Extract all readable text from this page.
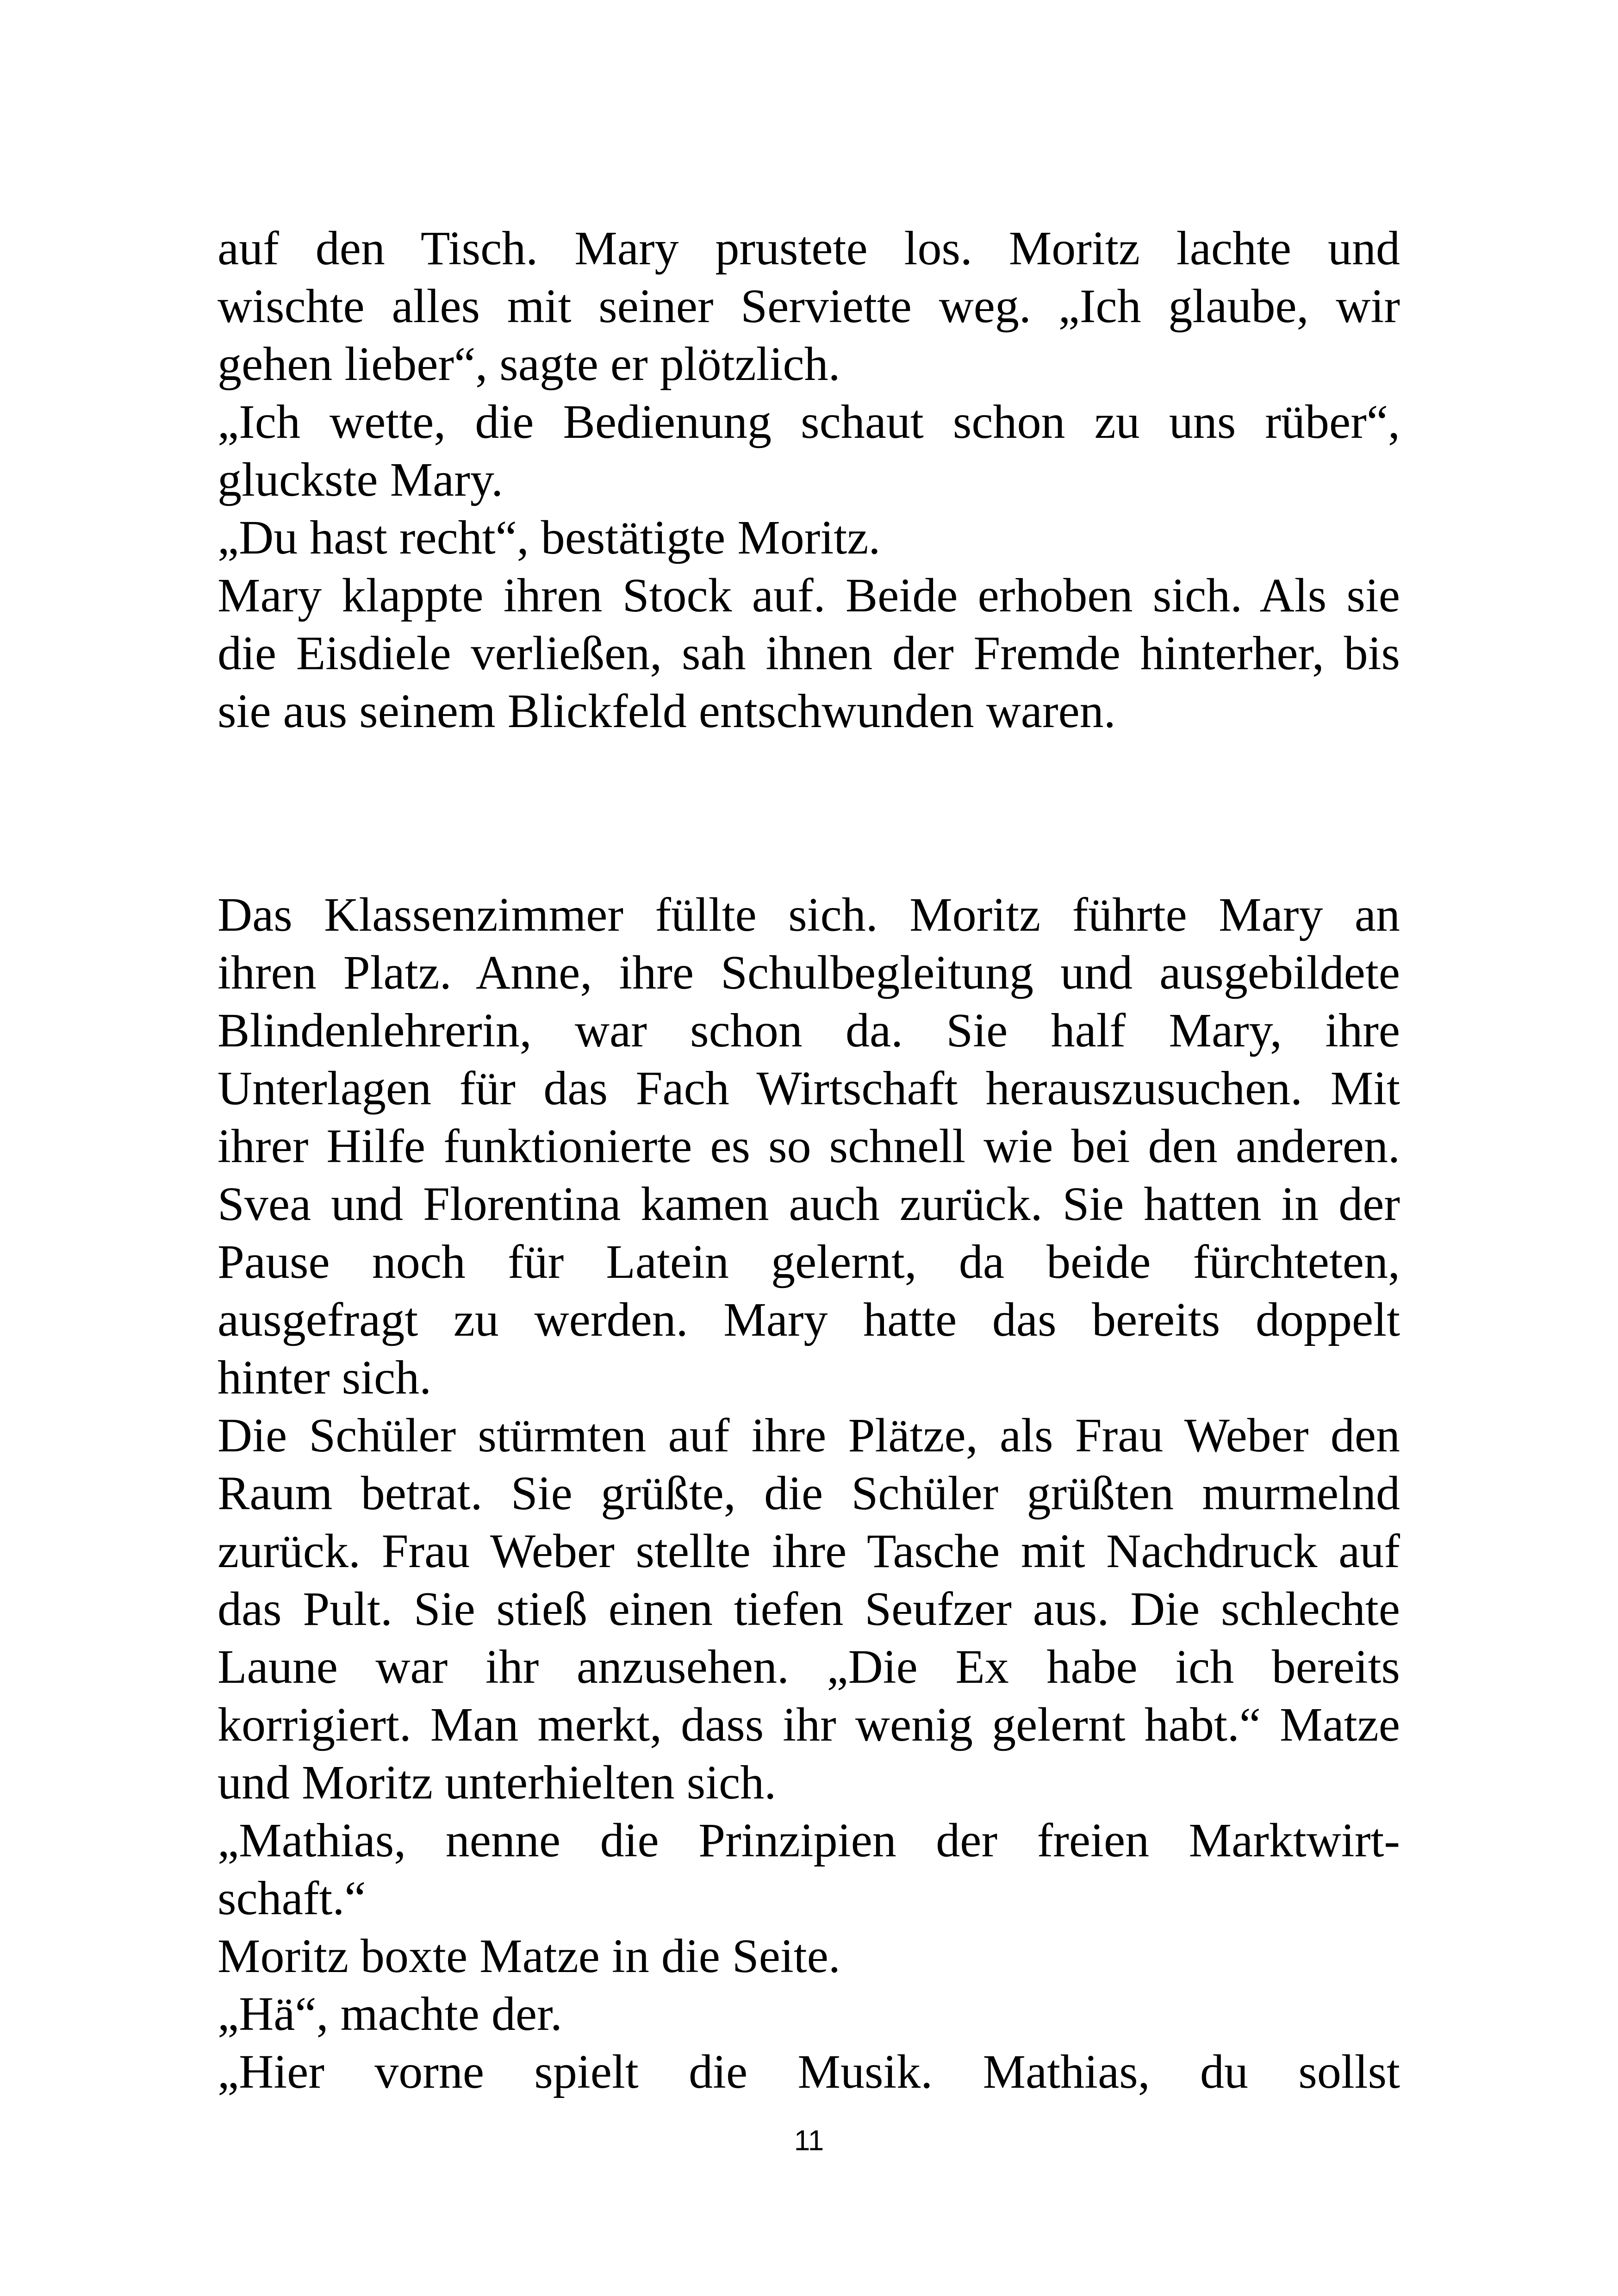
auf den Tisch. Mary prustete los. Moritz lachte und
wischte alles mit seiner Serviette weg. „Ich glaube, wir
gehen lieber“, sagte er plötzlich.
„Ich wette, die Bedienung schaut schon zu uns rüber“,
gluckste Mary.
„Du hast recht“, bestätigte Moritz.
Mary klappte ihren Stock auf. Beide erhoben sich. Als sie
die Eisdiele verließen, sah ihnen der Fremde hinterher, bis
sie aus seinem Blickfeld entschwunden waren.
Das Klassenzimmer füllte sich. Moritz führte Mary an
ihren Platz. Anne, ihre Schulbegleitung und ausgebildete
Blindenlehrerin, war schon da. Sie half Mary, ihre
Unterlagen für das Fach Wirtschaft herauszusuchen. Mit
ihrer Hilfe funktionierte es so schnell wie bei den anderen.
Svea und Florentina kamen auch zurück. Sie hatten in der
Pause noch für Latein gelernt, da beide fürchteten,
ausgefragt zu werden. Mary hatte das bereits doppelt
hinter sich.
Die Schüler stürmten auf ihre Plätze, als Frau Weber den
Raum betrat. Sie grüßte, die Schüler grüßten murmelnd
zurück. Frau Weber stellte ihre Tasche mit Nachdruck auf
das Pult. Sie stieß einen tiefen Seufzer aus. Die schlechte
Laune war ihr anzusehen. „Die Ex habe ich bereits
korrigiert. Man merkt, dass ihr wenig gelernt habt.“ Matze
und Moritz unterhielten sich.
„Mathias, nenne die Prinzipien der freien Marktwirt-
schaft.“
Moritz boxte Matze in die Seite.
„Hä“, machte der.
„Hier vorne spielt die Musik. Mathias, du sollst
11
